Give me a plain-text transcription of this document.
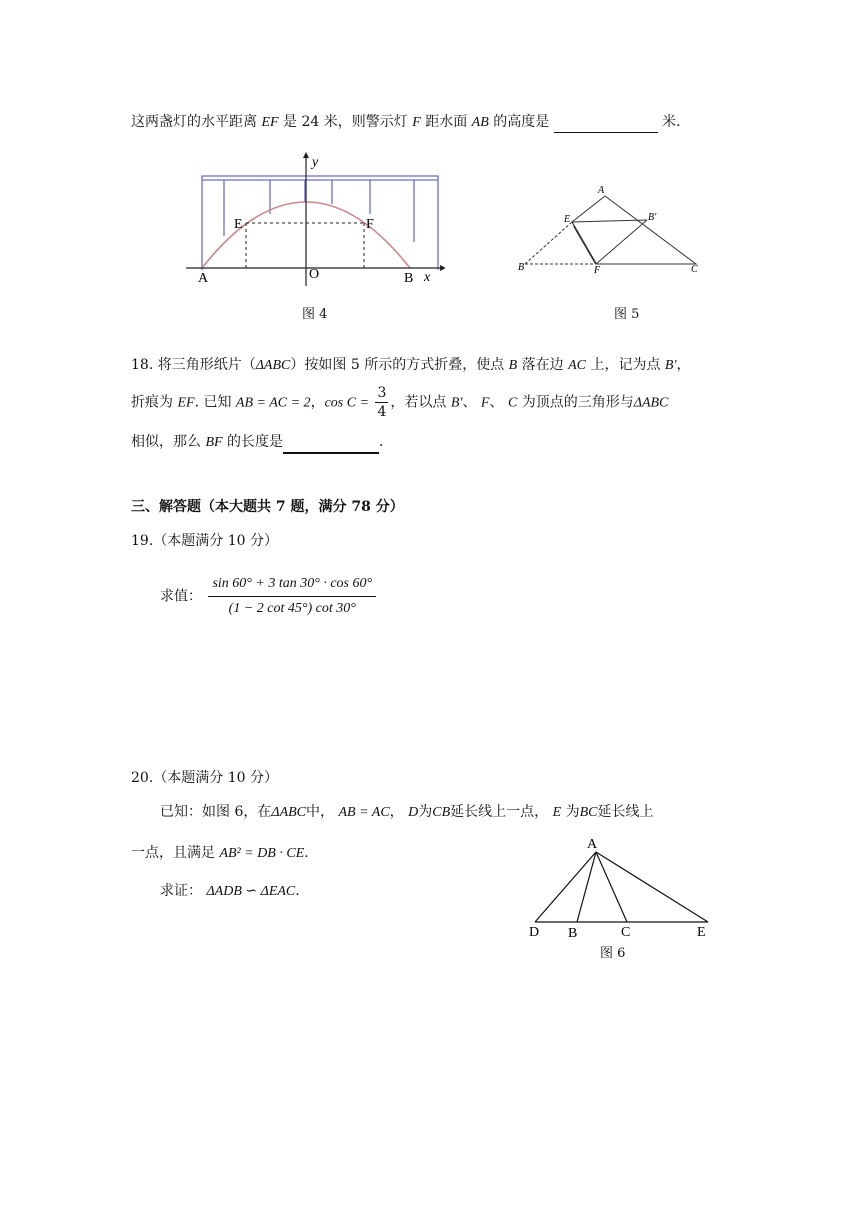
这两盏灯的水平距离 EF 是 24 米，则警示灯 F 距水面 AB 的高度是	米.
y
E	F
A	O	B x
图 4
A
E	B′
B	F	C
图 5
18. 将三角形纸片（ΔABC）按如图 5 所示的方式折叠，使点 B 落在边 AC 上，记为点 B′，
折痕为 EF. 已知 AB = AC = 2，$\cos C = \frac{3}{4}$ ，若以点 B′、 F、 C 为顶点的三角形与ΔABC
相似，那么 BF 的长度是	.
三、解答题（本大题共 7 题，满分 78 分）
19.（本题满分 10 分）
求值： $\frac{\sin 60^\circ + 3 \tan 30^\circ \cdot \cos 60^\circ}{(1 - 2 \cot 45^\circ) \cot 30^\circ}$
20.（本题满分 10 分）
已知：如图 6，在ΔABC中， AB = AC， D为CB延长线上一点， E 为BC延长线上
一点，且满足 AB² = DB · CE.
求证： ΔADB ∽ ΔEAC.
A
D B	C	E
图 6
